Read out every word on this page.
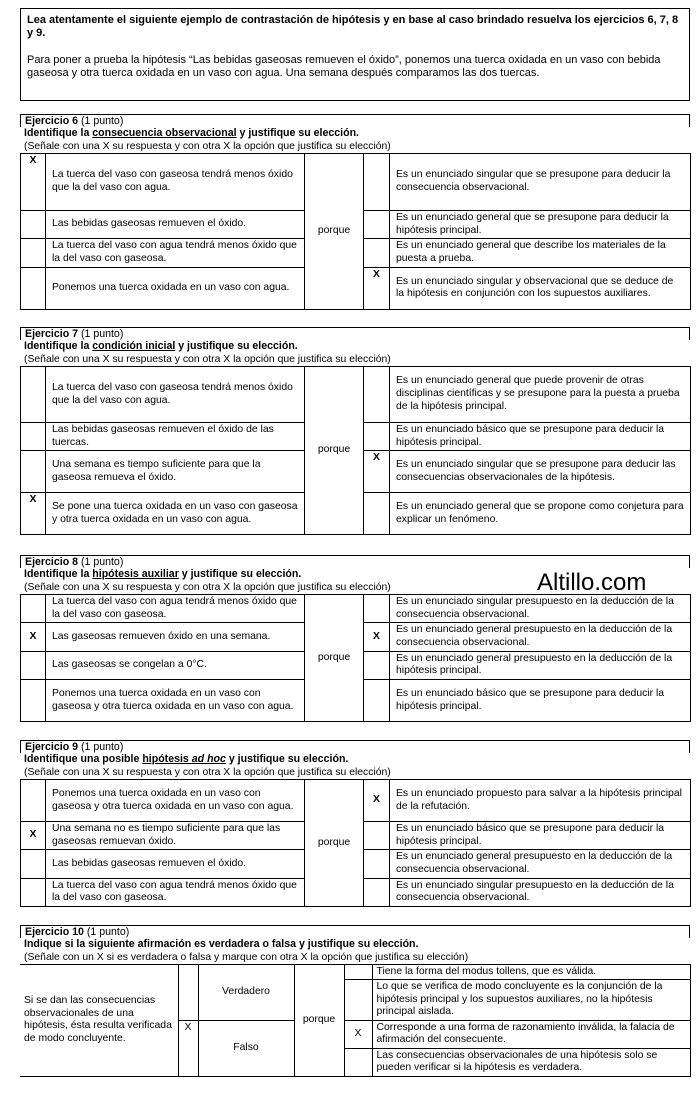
Lea atentamente el siguiente ejemplo de contrastación de hipótesis y en base al caso brindado resuelva los ejercicios 6, 7, 8 y 9.

Para poner a prueba la hipótesis “Las bebidas gaseosas remueven el óxido”, ponemos una tuerca oxidada en un vaso con bebida gaseosa y otra tuerca oxidada en un vaso con agua. Una semana después comparamos las dos tuercas.

Ejercicio 6 (1 punto)
Identifique la consecuencia observacional y justifique su elección.
(Señale con una X su respuesta y con otra X la opción que justifica su elección)
X	La tuerca del vaso con gaseosa tendrá menos óxido que la del vaso con agua.	porque		Es un enunciado singular que se presupone para deducir la consecuencia observacional.
	Las bebidas gaseosas remueven el óxido.			Es un enunciado general que se presupone para deducir la hipótesis principal.
	La tuerca del vaso con agua tendrá menos óxido que la del vaso con gaseosa.			Es un enunciado general que describe los materiales de la puesta a prueba.
	Ponemos una tuerca oxidada en un vaso con agua.		X	Es un enunciado singular y observacional que se deduce de la hipótesis en conjunción con los supuestos auxiliares.
Ejercicio 7 (1 punto)
Identifique la condición inicial y justifique su elección.
(Señale con una X su respuesta y con otra X la opción que justifica su elección)
	La tuerca del vaso con gaseosa tendrá menos óxido que la del vaso con agua.	porque		Es un enunciado general que puede provenir de otras disciplinas científicas y se presupone para la puesta a prueba de la hipótesis principal.
	Las bebidas gaseosas remueven el óxido de las tuercas.			Es un enunciado básico que se presupone para deducir la hipótesis principal.
	Una semana es tiempo suficiente para que la gaseosa remueva el óxido.		X	Es un enunciado singular que se presupone para deducir las consecuencias observacionales de la hipótesis.
X	Se pone una tuerca oxidada en un vaso con gaseosa y otra tuerca oxidada en un vaso con agua.			Es un enunciado general que se propone como conjetura para explicar un fenómeno.
Ejercicio 8 (1 punto)
Identifique la hipótesis auxiliar y justifique su elección.
(Señale con una X su respuesta y con otra X la opción que justifica su elección)
	La tuerca del vaso con agua tendrá menos óxido que la del vaso con gaseosa.	porque		Es un enunciado singular presupuesto en la deducción de la consecuencia observacional.
X	Las gaseosas remueven óxido en una semana.		X	Es un enunciado general presupuesto en la deducción de la consecuencia observacional.
	Las gaseosas se congelan a 0°C.			Es un enunciado general presupuesto en la deducción de la hipótesis principal.
	Ponemos una tuerca oxidada en un vaso con gaseosa y otra tuerca oxidada en un vaso con agua.			Es un enunciado básico que se presupone para deducir la hipótesis principal.
Altillo.com
Ejercicio 9 (1 punto)
Identifique una posible hipótesis ad hoc y justifique su elección.
(Señale con una X su respuesta y con otra X la opción que justifica su elección)
	Ponemos una tuerca oxidada en un vaso con gaseosa y otra tuerca oxidada en un vaso con agua.	porque	X	Es un enunciado propuesto para salvar a la hipótesis principal de la refutación.
X	Una semana no es tiempo suficiente para que las gaseosas remuevan óxido.			Es un enunciado básico que se presupone para deducir la hipótesis principal.
	Las bebidas gaseosas remueven el óxido.			Es un enunciado general presupuesto en la deducción de la consecuencia observacional.
	La tuerca del vaso con agua tendrá menos óxido que la del vaso con gaseosa.			Es un enunciado singular presupuesto en la deducción de la consecuencia observacional.
Ejercicio 10 (1 punto)
Indique si la siguiente afirmación es verdadera o falsa y justifique su elección.
(Señale con un X si es verdadera o falsa y marque con otra X la opción que justifica su elección)
Si se dan las consecuencias observacionales de una hipótesis, ésta resulta verificada de modo concluyente.		Verdadero	porque		Tiene la forma del modus tollens, que es válida.
					Lo que se verifica de modo concluyente es la conjunción de la hipótesis principal y los supuestos auxiliares, no la hipótesis principal aislada.
	X	Falso		X	Corresponde a una forma de razonamiento inválida, la falacia de afirmación del consecuente.
					Las consecuencias observacionales de una hipótesis solo se pueden verificar si la hipótesis es verdadera.
